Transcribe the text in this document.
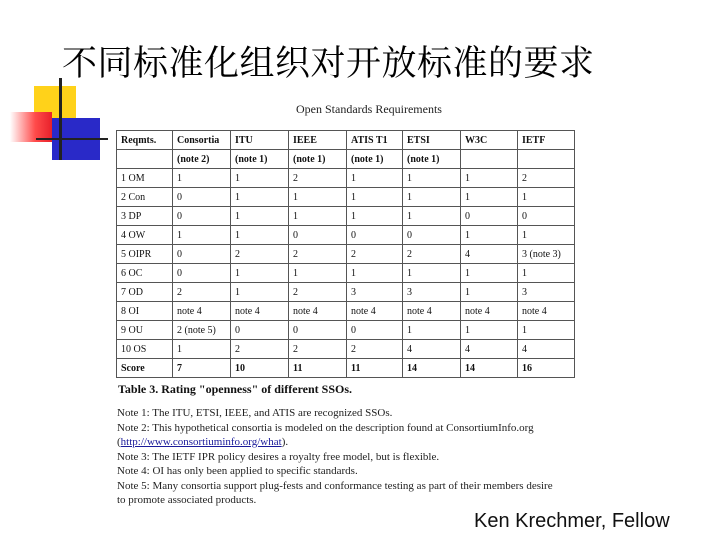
不同标准化组织对开放标准的要求
Open Standards Requirements
Reqmts.	Consortia	ITU	IEEE	ATIS T1	ETSI	W3C	IETF
	(note 2)	(note 1)	(note 1)	(note 1)	(note 1)		
1 OM	1	1	2	1	1	1	2
2 Con	0	1	1	1	1	1	1
3 DP	0	1	1	1	1	0	0
4 OW	1	1	0	0	0	1	1
5 OIPR	0	2	2	2	2	4	3 (note 3)
6 OC	0	1	1	1	1	1	1
7 OD	2	1	2	3	3	1	3
8 OI	note 4	note 4	note 4	note 4	note 4	note 4	note 4
9 OU	2 (note 5)	0	0	0	1	1	1
10 OS	1	2	2	2	4	4	4
Score	7	10	11	11	14	14	16
Table 3. Rating "openness" of different SSOs.
Note 1: The ITU, ETSI, IEEE, and ATIS are recognized SSOs.
Note 2: This hypothetical consortia is modeled on the description found at ConsortiumInfo.org
(http://www.consortiuminfo.org/what).
Note 3: The IETF IPR policy desires a royalty free model, but is flexible.
Note 4: OI has only been applied to specific standards.
Note 5: Many consortia support plug-fests and conformance testing as part of their members desire
to promote associated products.
Ken Krechmer, Fellow
